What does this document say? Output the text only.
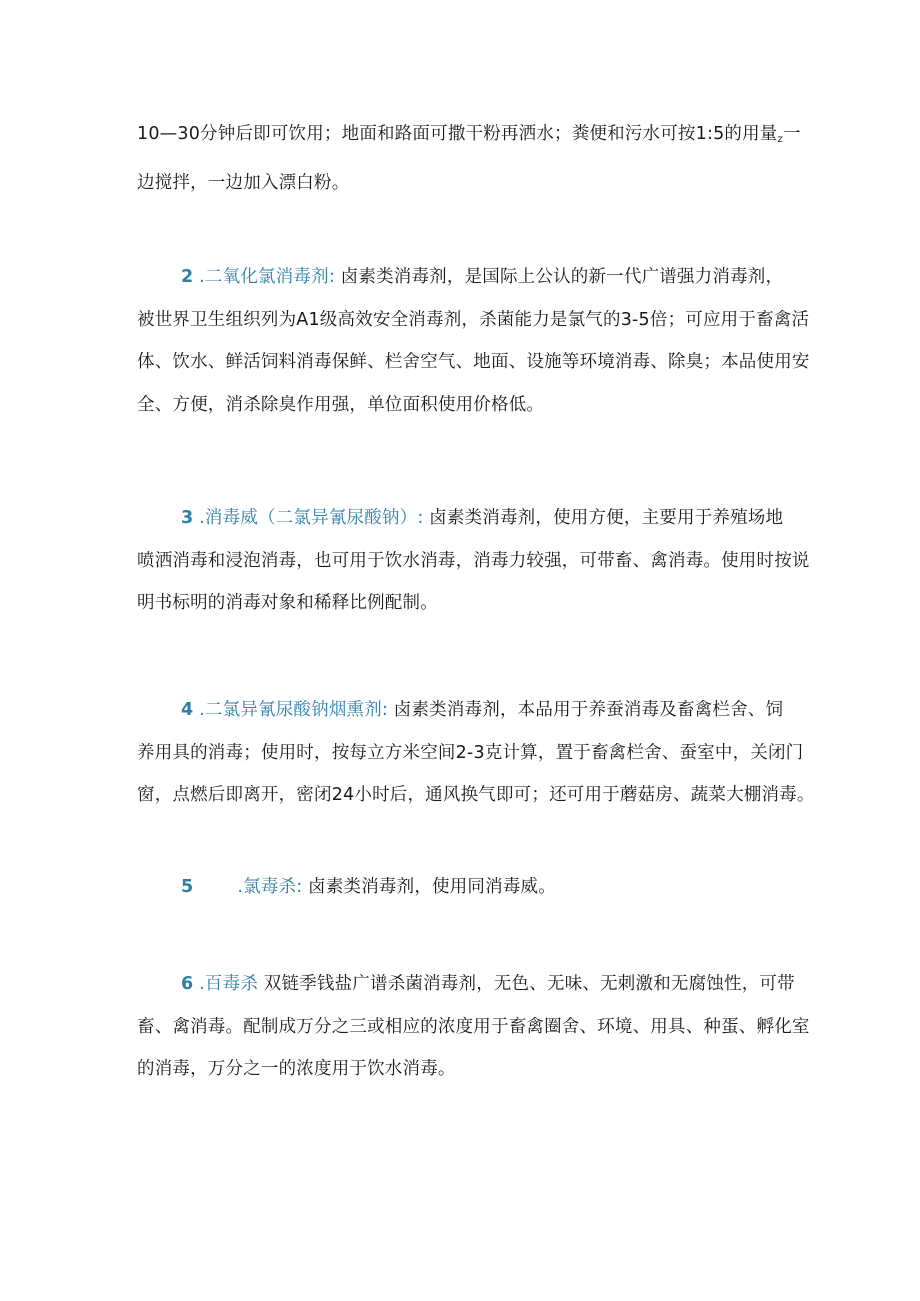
10—30分钟后即可饮用；地面和路面可撒干粉再洒水；粪便和污水可按1:5的用量$_z$一
边搅拌，一边加入漂白粉。
2 .二氧化氯消毒剂: 卤素类消毒剂，是国际上公认的新一代广谱强力消毒剂，
被世界卫生组织列为A1级高效安全消毒剂，杀菌能力是氯气的3-5倍；可应用于畜禽活
体、饮水、鲜活饲料消毒保鲜、栏舍空气、地面、设施等环境消毒、除臭；本品使用安
全、方便，消杀除臭作用强，单位面积使用价格低。
3 .消毒威（二氯异氰尿酸钠）: 卤素类消毒剂，使用方便，主要用于养殖场地
喷洒消毒和浸泡消毒，也可用于饮水消毒，消毒力较强，可带畜、禽消毒。使用时按说
明书标明的消毒对象和稀释比例配制。
4 .二氯异氰尿酸钠烟熏剂: 卤素类消毒剂，本品用于养蚕消毒及畜禽栏舍、饲
养用具的消毒；使用时，按每立方米空间2-3克计算，置于畜禽栏舍、蚕室中，关闭门
窗，点燃后即离开，密闭24小时后，通风换气即可；还可用于蘑菇房、蔬菜大棚消毒。
5	.氯毒杀: 卤素类消毒剂，使用同消毒威。
6 .百毒杀 双链季钱盐广谱杀菌消毒剂，无色、无味、无刺激和无腐蚀性，可带
畜、禽消毒。配制成万分之三或相应的浓度用于畜禽圈舍、环境、用具、种蛋、孵化室
的消毒，万分之一的浓度用于饮水消毒。
